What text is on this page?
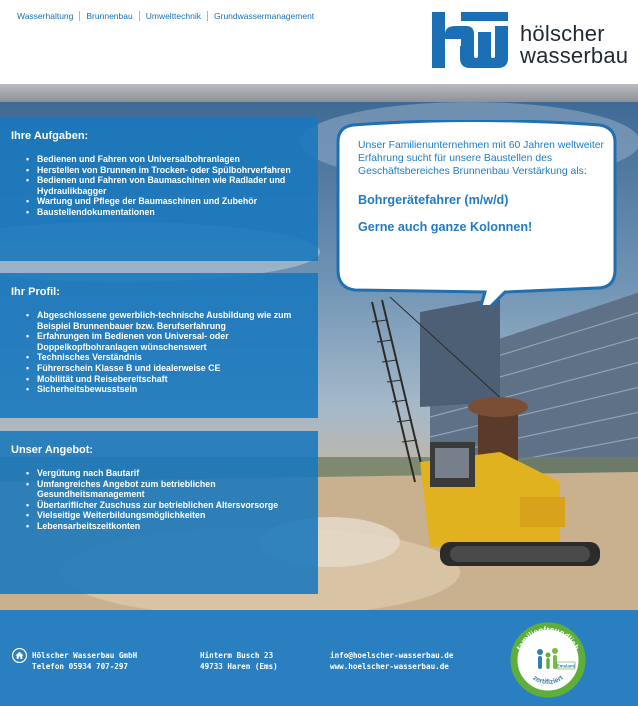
Wasserhaltung	Brunnenbau	Umwelttechnik	Grundwassermanagement
hölscher
wasserbau
Unser Familienunternehmen mit 60 Jahren weltweiter Erfahrung sucht für unsere Baustellen des Geschäftsbereiches Brunnenbau Verstärkung als:
Bohrgerätefahrer (m/w/d)
Gerne auch ganze Kolonnen!
Ihre Aufgaben:
• Bedienen und Fahren von Universalbohranlagen
• Herstellen von Brunnen im Trocken- oder Spülbohrverfahren
• Bedienen und Fahren von Baumaschinen wie Radlader und Hydraulikbagger
• Wartung und Pflege der Baumaschinen und Zubehör
• Baustellendokumentationen
Ihr Profil:
• Abgeschlossene gewerblich-technische Ausbildung wie zum Beispiel Brunnenbauer bzw. Berufserfahrung
• Erfahrungen im Bedienen von Universal- oder Doppelkopfbohranlagen wünschenswert
• Technisches Verständnis
• Führerschein Klasse B und idealerweise CE
• Mobilität und Reisebereitschaft
• Sicherheitsbewusstsein
Unser Angebot:
• Vergütung nach Bautarif
• Umfangreiches Angebot zum betrieblichen Gesundheitsmanagement
• Übertariflicher Zuschuss zur betrieblichen Altersvorsorge
• Vielseitige Weiterbildungsmöglichkeiten
• Lebensarbeitszeitkonten
Hölscher Wasserbau GmbH
Telefon 05934 707-297
Hinterm Busch 23
49733 Haren (Ems)
info@hoelscher-wasserbau.de
www.hoelscher-wasserbau.de
familienfreundlich
zertifiziert
Emsland
